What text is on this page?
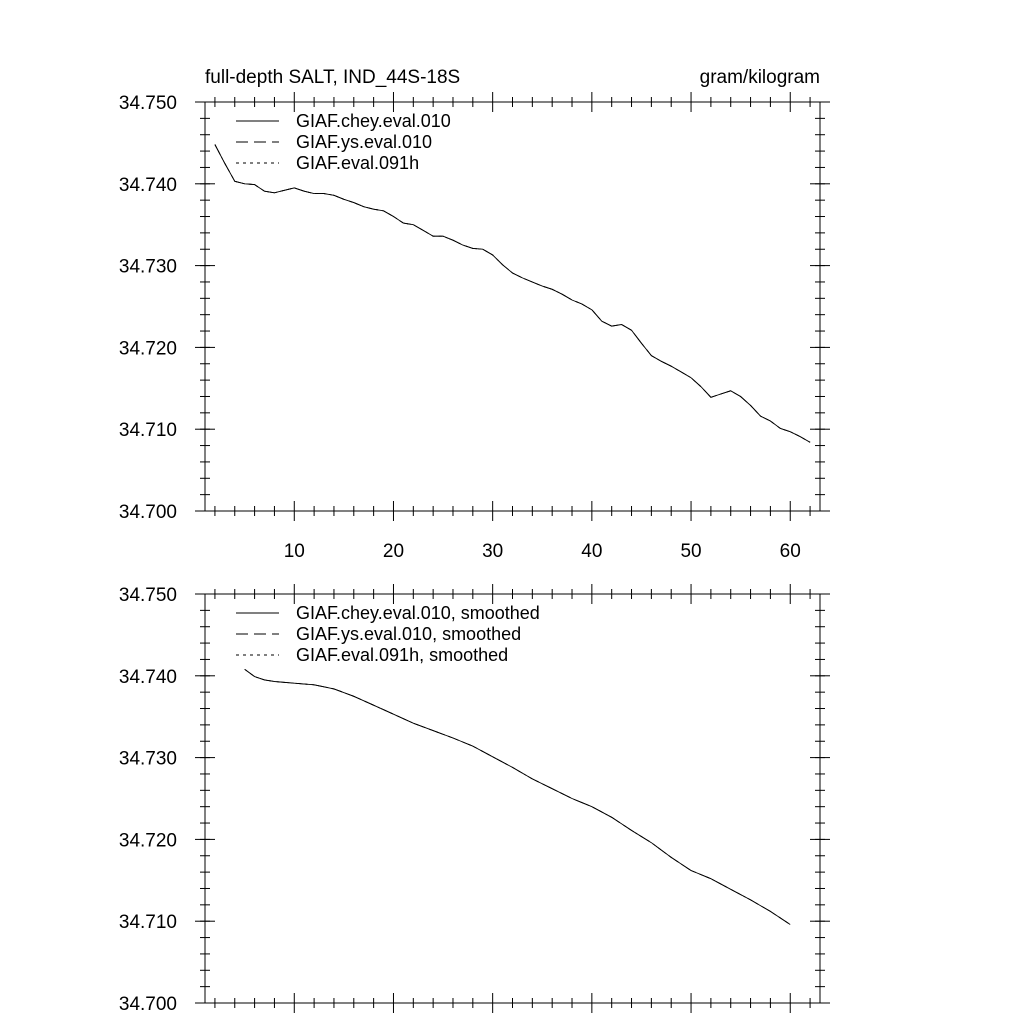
full-depth SALT, IND_44S-18S	gram/kilogram
34.700
34.710
34.720
34.730
34.740
34.750
10	20	30	40	50	60
GIAF.chey.eval.010
GIAF.ys.eval.010
GIAF.eval.091h
34.700
34.710
34.720
34.730
34.740
34.750
GIAF.chey.eval.010, smoothed
GIAF.ys.eval.010, smoothed
GIAF.eval.091h, smoothed
